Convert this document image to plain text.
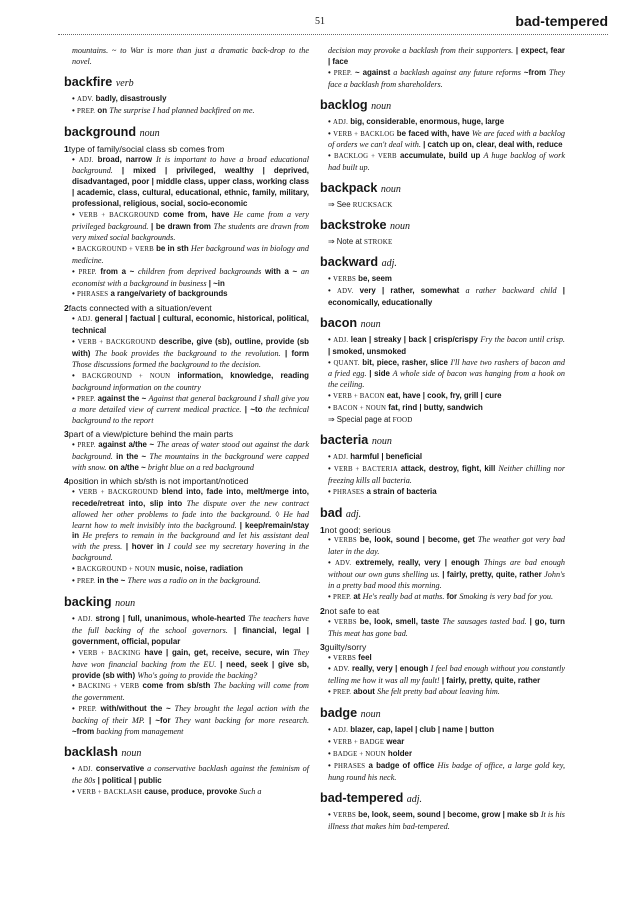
51	bad-tempered
mountains. ~ to War is more than just a dramatic back-drop to the novel.
backfire verb
• ADV. badly, disastrously
• PREP. on The surprise I had planned backfired on me.
background noun
1type of family/social class sb comes from
• ADJ. broad, narrow It is important to have a broad educational background. | mixed | privileged, wealthy | deprived, disadvantaged, poor | middle class, upper class, working class | academic, class, cultural, educational, ethnic, family, military, professional, religious, social, socio-economic
• VERB + BACKGROUND come from, have He came from a very privileged background. | be drawn from The students are drawn from very mixed social backgrounds.
• BACKGROUND + VERB be in sth Her background was in biology and medicine.
• PREP. from a ~ children from deprived backgrounds with a ~ an economist with a background in business | ~in
• PHRASES a range/variety of backgrounds
2facts connected with a situation/event
• ADJ. general | factual | cultural, economic, historical, political, technical
• VERB + BACKGROUND describe, give (sb), outline, provide (sb with) The book provides the background to the revolution. | form Those discussions formed the background to the decision.
• BACKGROUND + NOUN information, knowledge, reading background information on the country
• PREP. against the ~ Against that general background I shall give you a more detailed view of current medical practice. | ~to the technical background to the report
3part of a view/picture behind the main parts
• PREP. against a/the ~ The areas of water stood out against the dark background. in the ~ The mountains in the background were capped with snow. on a/the ~ bright blue on a red background
4position in which sb/sth is not important/noticed
• VERB + BACKGROUND blend into, fade into, melt/merge into, recede/retreat into, slip into The dispute over the new contract allowed her other problems to fade into the background. ◊ He had learnt how to melt invisibly into the background. | keep/remain/stay in He prefers to remain in the background and let his assistant deal with the press. | hover in I could see my secretary hovering in the background.
• BACKGROUND + NOUN music, noise, radiation
• PREP. in the ~ There was a radio on in the background.
backing noun
• ADJ. strong | full, unanimous, whole-hearted The teachers have the full backing of the school governors. | financial, legal | government, official, popular
• VERB + BACKING have | gain, get, receive, secure, win They have won financial backing from the EU. | need, seek | give sb, provide (sb with) Who's going to provide the backing?
• BACKING + VERB come from sb/sth The backing will come from the government.
• PREP. with/without the ~ They brought the legal action with the backing of their MP. | ~for They want backing for more research. ~from backing from management
backlash noun
• ADJ. conservative a conservative backlash against the feminism of the 80s | political | public
• VERB + BACKLASH cause, produce, provoke Such a
decision may provoke a backlash from their supporters. | expect, fear | face
• PREP. ~ against a backlash against any future reforms ~from They face a backlash from shareholders.
backlog noun
• ADJ. big, considerable, enormous, huge, large
• VERB + BACKLOG be faced with, have We are faced with a backlog of orders we can't deal with. | catch up on, clear, deal with, reduce
• BACKLOG + VERB accumulate, build up A huge backlog of work had built up.
backpack noun
⇒ See RUCKSACK
backstroke noun
⇒ Note at STROKE
backward adj.
• VERBS be, seem
• ADV. very | rather, somewhat a rather backward child | economically, educationally
bacon noun
• ADJ. lean | streaky | back | crisp/crispy Fry the bacon until crisp. | smoked, unsmoked
• QUANT. bit, piece, rasher, slice I'll have two rashers of bacon and a fried egg. | side A whole side of bacon was hanging from a hook on the ceiling.
• VERB + BACON eat, have | cook, fry, grill | cure
• BACON + NOUN fat, rind | butty, sandwich
⇒ Special page at FOOD
bacteria noun
• ADJ. harmful | beneficial
• VERB + BACTERIA attack, destroy, fight, kill Neither chilling nor freezing kills all bacteria.
• PHRASES a strain of bacteria
bad adj.
1not good; serious
• VERBS be, look, sound | become, get The weather got very bad later in the day.
• ADV. extremely, really, very | enough Things are bad enough without our own guns shelling us. | fairly, pretty, quite, rather John's in a pretty bad mood this morning.
• PREP. at He's really bad at maths. for Smoking is very bad for you.
2not safe to eat
• VERBS be, look, smell, taste The sausages tasted bad. | go, turn This meat has gone bad.
3guilty/sorry
• VERBS feel
• ADV. really, very | enough I feel bad enough without you constantly telling me how it was all my fault! | fairly, pretty, quite, rather
• PREP. about She felt pretty bad about leaving him.
badge noun
• ADJ. blazer, cap, lapel | club | name | button
• VERB + BADGE wear
• BADGE + NOUN holder
• PHRASES a badge of office His badge of office, a large gold key, hung round his neck.
bad-tempered adj.
• VERBS be, look, seem, sound | become, grow | make sb It is his illness that makes him bad-tempered.
